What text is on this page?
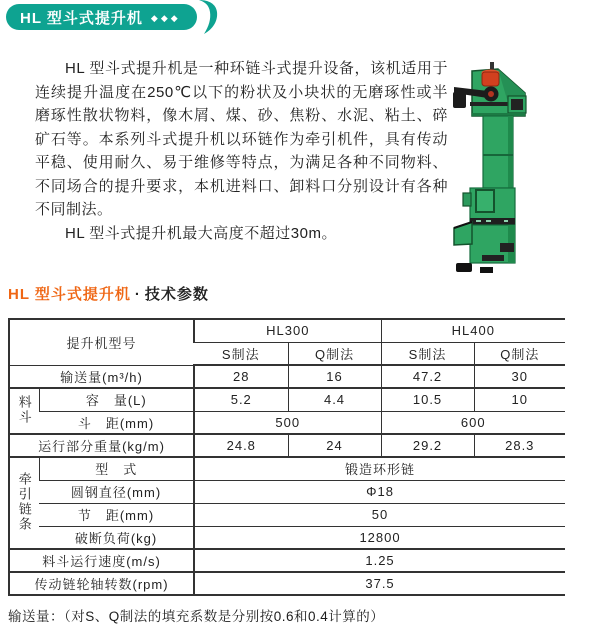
HL 型斗式提升机 ◆◆◆

HL 型斗式提升机是一种环链斗式提升设备，该机适用于连续提升温度在250℃以下的粉状及小块状的无磨琢性或半磨琢性散状物料，像木屑、煤、砂、焦粉、水泥、粘土、碎矿石等。本系列斗式提升机以环链作为牵引机件，具有传动平稳、使用耐久、易于维修等特点，为满足各种不同物料、不同场合的提升要求，本机进料口、卸料口分别设计有各种不同制法。

HL 型斗式提升机最大高度不超过30m。

HL 型斗式提升机 · 技术参数
提升机型号		HL300		HL400	
		S制法	Q制法	S制法	Q制法
输送量(m³/h)		28	16	47.2	30
料斗	容　量(L)	5.2	4.4	10.5	10
	斗　距(mm)	500		600	
运行部分重量(kg/m)		24.8	24	29.2	28.3
牵引链条	型　式	锻造环形链			
	圆钢直径(mm)	Φ18			
	节　距(mm)	50			
	破断负荷(kg)	12800			
料斗运行速度(m/s)		1.25			
传动链轮轴转数(rpm)		37.5			
输送量：（对S、Q制法的填充系数是分别按0.6和0.4计算的）
